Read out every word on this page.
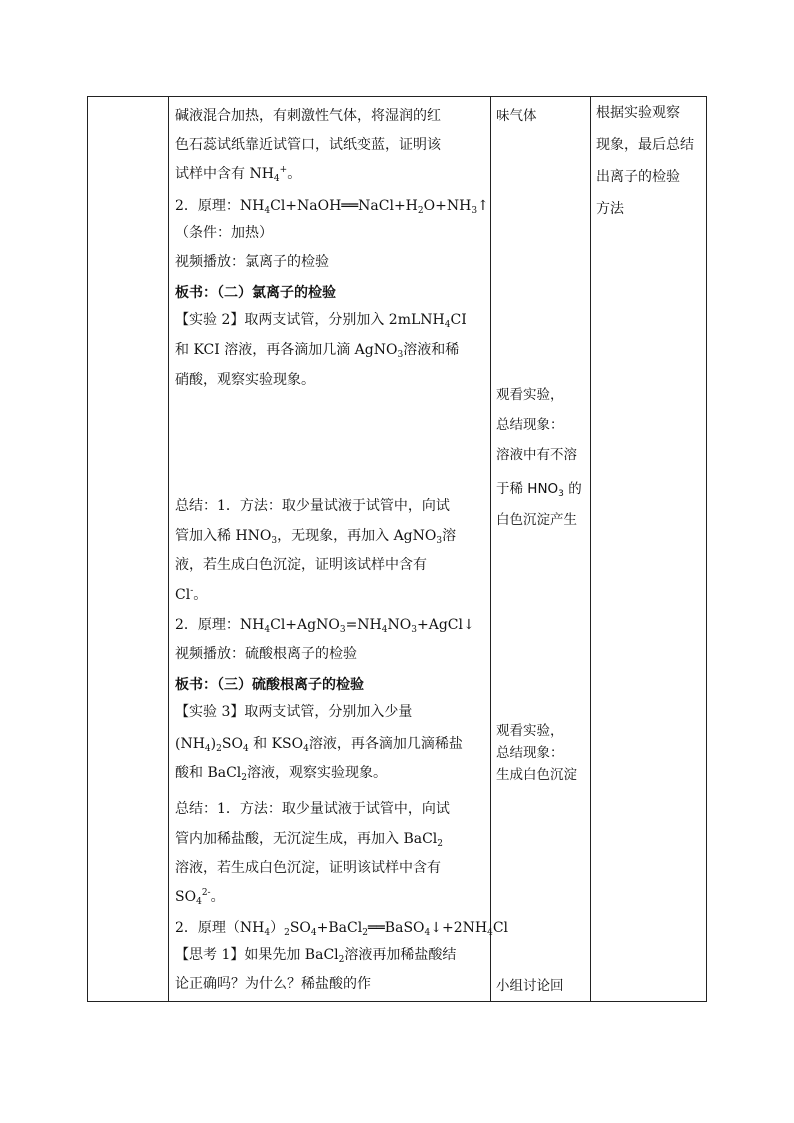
碱液混合加热，有刺激性气体，将湿润的红
色石蕊试纸靠近试管口，试纸变蓝，证明该
试样中含有 $NH_4^+$。
2．原理：$NH_4Cl+NaOH══NaCl+H_2O+NH_3↑$
（条件：加热）
视频播放：氯离子的检验
板书：（二）氯离子的检验
【实验 2】取两支试管，分别加入 2mLNH$_4$CI
和 KCI 溶液，再各滴加几滴 AgNO$_3$溶液和稀
硝酸，观察实验现象。
总结：1．方法：取少量试液于试管中，向试
管加入稀 $HNO_3$，无现象，再加入 AgNO$_3$溶
液，若生成白色沉淀，证明该试样中含有
Cl-。
2．原理：$NH_4Cl+AgNO_3=NH_4NO_3+AgCl↓$
视频播放：硫酸根离子的检验
板书：（三）硫酸根离子的检验
【实验 3】取两支试管，分别加入少量
$(NH_4)_2SO_4$ 和 $KSO_4$溶液，再各滴加几滴稀盐
酸和 BaCl$_2$溶液，观察实验现象。
总结：1．方法：取少量试液于试管中，向试
管内加稀盐酸，无沉淀生成，再加入 BaCl$_2$
溶液，若生成白色沉淀，证明该试样中含有
$SO_4^{2-}$。
2．原理$(NH_4)_2SO_4+BaCl_2══BaSO_4↓+2NH_4Cl$
【思考 1】如果先加 BaCl$_2$溶液再加稀盐酸结
论正确吗？为什么？稀盐酸的作
味气体
观看实验，
总结现象：
溶液中有不溶
于稀 $HNO_3$ 的
白色沉淀产生
观看实验，
总结现象：
生成白色沉淀
小组讨论回
根据实验观察
现象，最后总结
出离子的检验
方法
